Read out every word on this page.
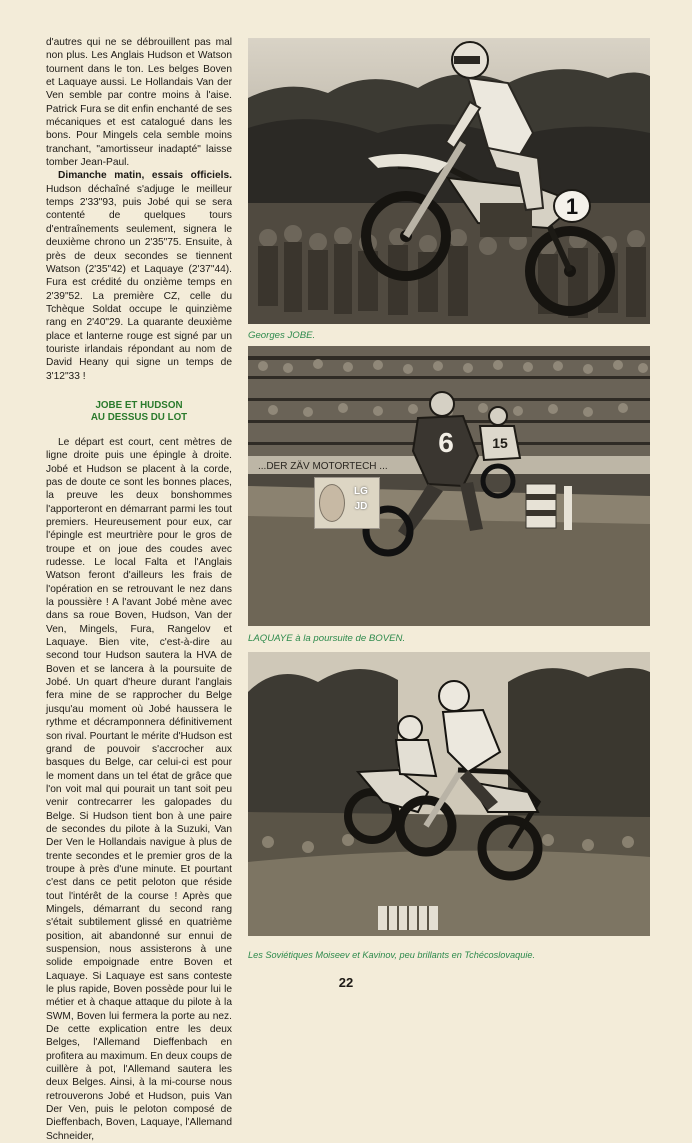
d'autres qui ne se débrouillent pas mal non plus. Les Anglais Hudson et Watson tournent dans le ton. Les belges Boven et Laquaye aussi. Le Hollandais Van der Ven semble par contre moins à l'aise. Patrick Fura se dit enfin enchanté de ses mécaniques et est catalogué dans les bons. Pour Mingels cela semble moins tranchant, "amortisseur inadapté" laisse tomber Jean-Paul.

Dimanche matin, essais officiels. Hudson déchaîné s'adjuge le meilleur temps 2'33"93, puis Jobé qui se sera contenté de quelques tours d'entraînements seulement, signera le deuxième chrono un 2'35"75. Ensuite, à près de deux secondes se tiennent Watson (2'35"42) et Laquaye (2'37"44). Fura est crédité du onzième temps en 2'39"52. La première CZ, celle du Tchèque Soldat occupe le quinzième rang en 2'40"29. La quarante deuxième place et lanterne rouge est signé par un touriste irlandais répondant au nom de David Heany qui signe un temps de 3'12"33 !

JOBE ET HUDSON
AU DESSUS DU LOT

Le départ est court, cent mètres de ligne droite puis une épingle à droite. Jobé et Hudson se placent à la corde, pas de doute ce sont les bonnes places, la preuve les deux bonshommes l'apporteront en démarrant parmi les tout premiers. Heureusement pour eux, car l'épingle est meurtrière pour le gros de troupe et on joue des coudes avec rudesse. Le local Falta et l'Anglais Watson feront d'ailleurs les frais de l'opération en se retrouvant le nez dans la poussière ! A l'avant Jobé mène avec dans sa roue Boven, Hudson, Van der Ven, Mingels, Fura, Rangelov et Laquaye. Bien vite, c'est-à-dire au second tour Hudson sautera la HVA de Boven et se lancera à la poursuite de Jobé. Un quart d'heure durant l'anglais fera mine de se rapprocher du Belge jusqu'au moment où Jobé haussera le rythme et décramponnera définitivement son rival. Pourtant le mérite d'Hudson est grand de pouvoir s'accrocher aux basques du Belge, car celui-ci est pour le moment dans un tel état de grâce que l'on voit mal qui pourait un tant soit peu venir contrecarrer les galopades du Belge. Si Hudson tient bon à une paire de secondes du pilote à la Suzuki, Van Der Ven le Hollandais navigue à plus de trente secondes et le premier gros de la troupe à près d'une minute. Et pourtant c'est dans ce petit peloton que réside tout l'intérêt de la course ! Après que Mingels, démarrant du second rang s'était subtilement glissé en quatrième position, ait abandonné sur ennui de suspension, nous assisterons à une solide empoignade entre Boven et Laquaye. Si Laquaye est sans conteste le plus rapide, Boven possède pour lui le métier et à chaque attaque du pilote à la SWM, Boven lui fermera la porte au nez. De cette explication entre les deux Belges, l'Allemand Dieffenbach en profitera au maximum. En deux coups de cuillère à pot, l'Allemand sautera les deux Belges. Ainsi, à la mi-course nous retrouverons Jobé et Hudson, puis Van Der Ven, puis le peloton composé de Dieffenbach, Boven, Laquaye, l'Allemand Schneider,

1
Georges JOBE.
...DER ZÄV MOTORTECH ...
6	15
LAQUAYE à la poursuite de BOVEN.
LG
JD
Les Soviétiques Moiseev et Kavinov, peu brillants en Tchécoslovaquie.
22
